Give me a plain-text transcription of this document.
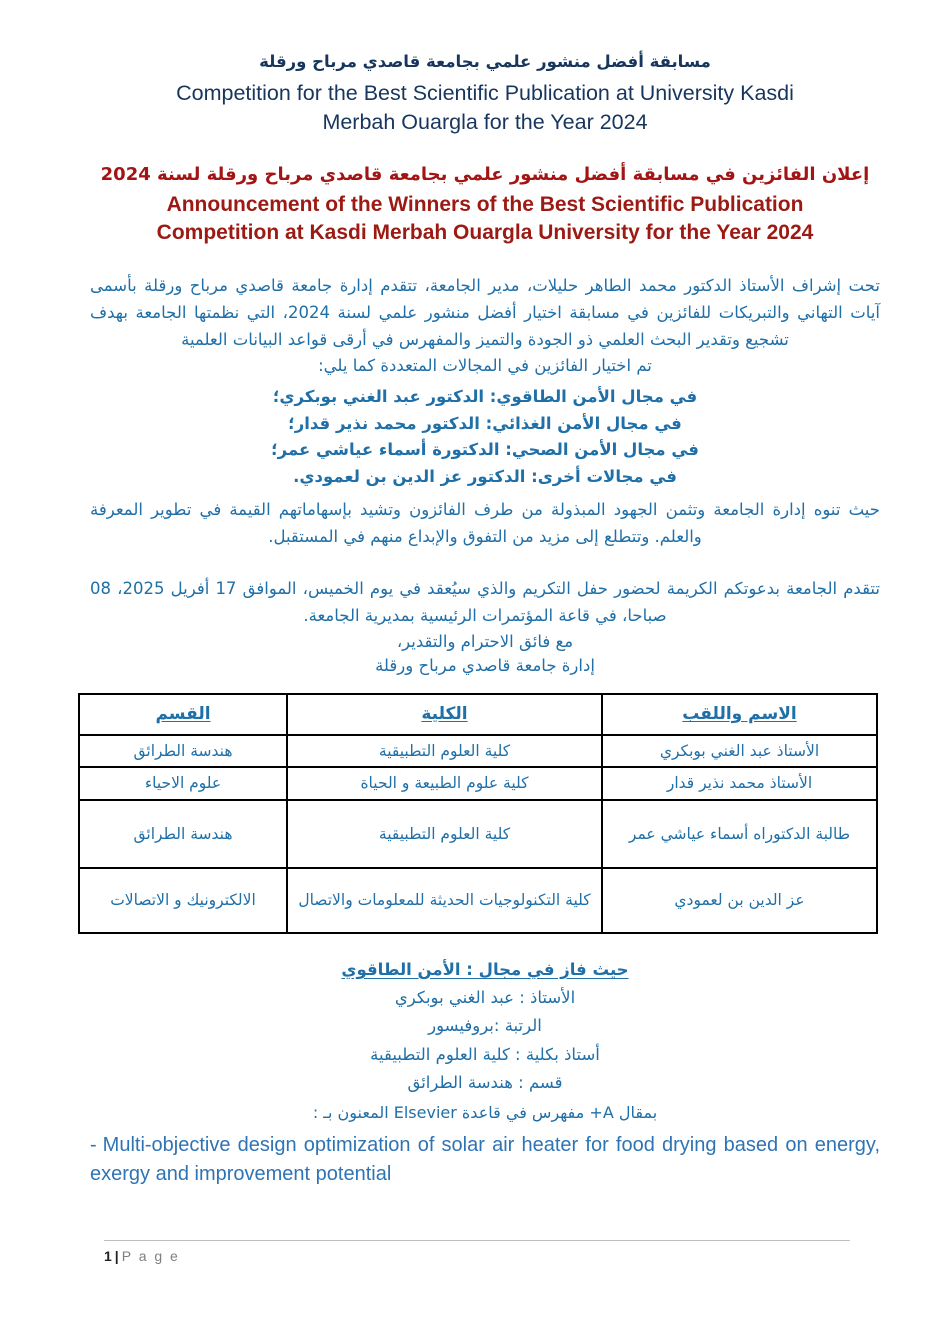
مسابقة أفضل منشور علمي بجامعة قاصدي مرباح ورقلة
Competition for the Best Scientific Publication at University Kasdi
Merbah Ouargla for the Year 2024
إعلان الفائزين في مسابقة أفضل منشور علمي بجامعة قاصدي مرباح ورقلة لسنة 2024
Announcement of the Winners of the Best Scientific Publication
Competition at Kasdi Merbah Ouargla University for the Year 2024
تحت إشراف الأستاذ الدكتور محمد الطاهر حليلات، مدير الجامعة، تتقدم إدارة جامعة قاصدي مرباح ورقلة بأسمى آيات التهاني والتبريكات للفائزين في مسابقة اختيار أفضل منشور علمي لسنة 2024، التي نظمتها الجامعة بهدف تشجيع وتقدير البحث العلمي ذو الجودة والتميز والمفهرس في أرقى قواعد البيانات العلمية
تم اختيار الفائزين في المجالات المتعددة كما يلي:
في مجال الأمن الطاقوي: الدكتور عبد الغني بوبكري؛
في مجال الأمن الغذائي: الدكتور محمد نذير قدار؛
في مجال الأمن الصحي: الدكتورة أسماء عياشي عمر؛
في مجالات أخرى: الدكتور عز الدين بن لعمودي.
حيث تنوه إدارة الجامعة وتثمن الجهود المبذولة من طرف الفائزون وتشيد بإسهاماتهم القيمة في تطوير المعرفة والعلم. وتتطلع إلى مزيد من التفوق والإبداع منهم في المستقبل.
تتقدم الجامعة بدعوتكم الكريمة لحضور حفل التكريم والذي سيُعقد في يوم الخميس، الموافق 17 أفريل 2025، 08 صباحا، في قاعة المؤتمرات الرئيسية بمديرية الجامعة.
مع فائق الاحترام والتقدير،
إدارة جامعة قاصدي مرباح ورقلة
الاسم واللقب	الكلية	القسم
الأستاذ عبد الغني بوبكري	كلية العلوم التطبيقية	هندسة الطرائق
الأستاذ محمد نذير قدار	كلية علوم الطبيعة و الحياة	علوم الاحياء
طالبة الدكتوراه أسماء عياشي عمر	كلية العلوم التطبيقية	هندسة الطرائق
عز الدين بن لعمودي	كلية التكنولوجيات الحديثة للمعلومات والاتصال	الالكترونيك و الاتصالات
حيث فاز في مجال : الأمن الطاقوي
الأستاذ : عبد الغني بوبكري
الرتبة :بروفيسور
أستاذ بكلية : كلية العلوم التطبيقية
قسم : هندسة الطرائق
بمقال A+ مفهرس في قاعدة Elsevier المعنون بـ :
- Multi-objective design optimization of solar air heater for food drying based on energy, exergy and improvement potential
1 | P a g e
